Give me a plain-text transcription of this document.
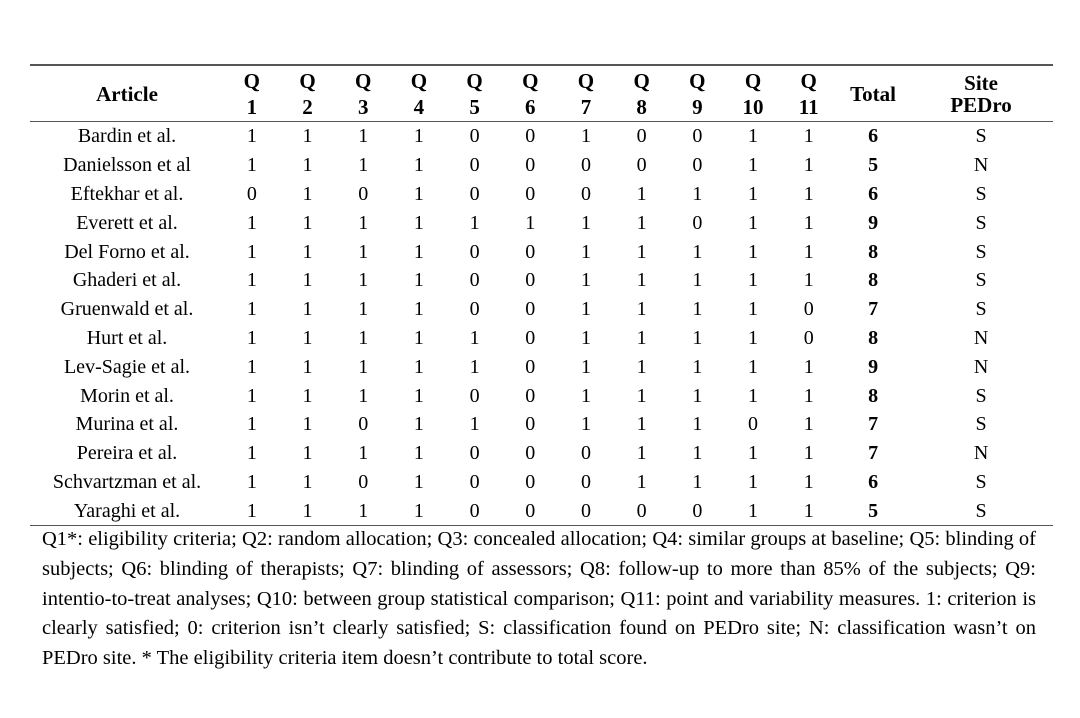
Article	Q 1	Q 2	Q 3	Q 4	Q 5	Q 6	Q 7	Q 8	Q 9	Q 10	Q 11	Total	Site PEDro
Bardin et al.	1	1	1	1	0	0	1	0	0	1	1	6	S
Danielsson et al	1	1	1	1	0	0	0	0	0	1	1	5	N
Eftekhar et al.	0	1	0	1	0	0	0	1	1	1	1	6	S
Everett et al.	1	1	1	1	1	1	1	1	0	1	1	9	S
Del Forno et al.	1	1	1	1	0	0	1	1	1	1	1	8	S
Ghaderi et al.	1	1	1	1	0	0	1	1	1	1	1	8	S
Gruenwald et al.	1	1	1	1	0	0	1	1	1	1	0	7	S
Hurt et al.	1	1	1	1	1	0	1	1	1	1	0	8	N
Lev-Sagie et al.	1	1	1	1	1	0	1	1	1	1	1	9	N
Morin et al.	1	1	1	1	0	0	1	1	1	1	1	8	S
Murina et al.	1	1	0	1	1	0	1	1	1	0	1	7	S
Pereira et al.	1	1	1	1	0	0	0	1	1	1	1	7	N
Schvartzman et al.	1	1	0	1	0	0	0	1	1	1	1	6	S
Yaraghi et al.	1	1	1	1	0	0	0	0	0	1	1	5	S
Q1*: eligibility criteria; Q2: random allocation; Q3: concealed allocation; Q4: similar groups at baseline; Q5: blinding of subjects; Q6: blinding of therapists; Q7: blinding of assessors; Q8: follow-up to more than 85% of the subjects; Q9: intentio-to-treat analyses; Q10: between group statistical comparison; Q11: point and variability measures. 1: criterion is clearly satisfied; 0: criterion isn’t clearly satisfied; S: classification found on PEDro site; N: classification wasn’t on PEDro site. * The eligibility criteria item doesn’t contribute to total score.
